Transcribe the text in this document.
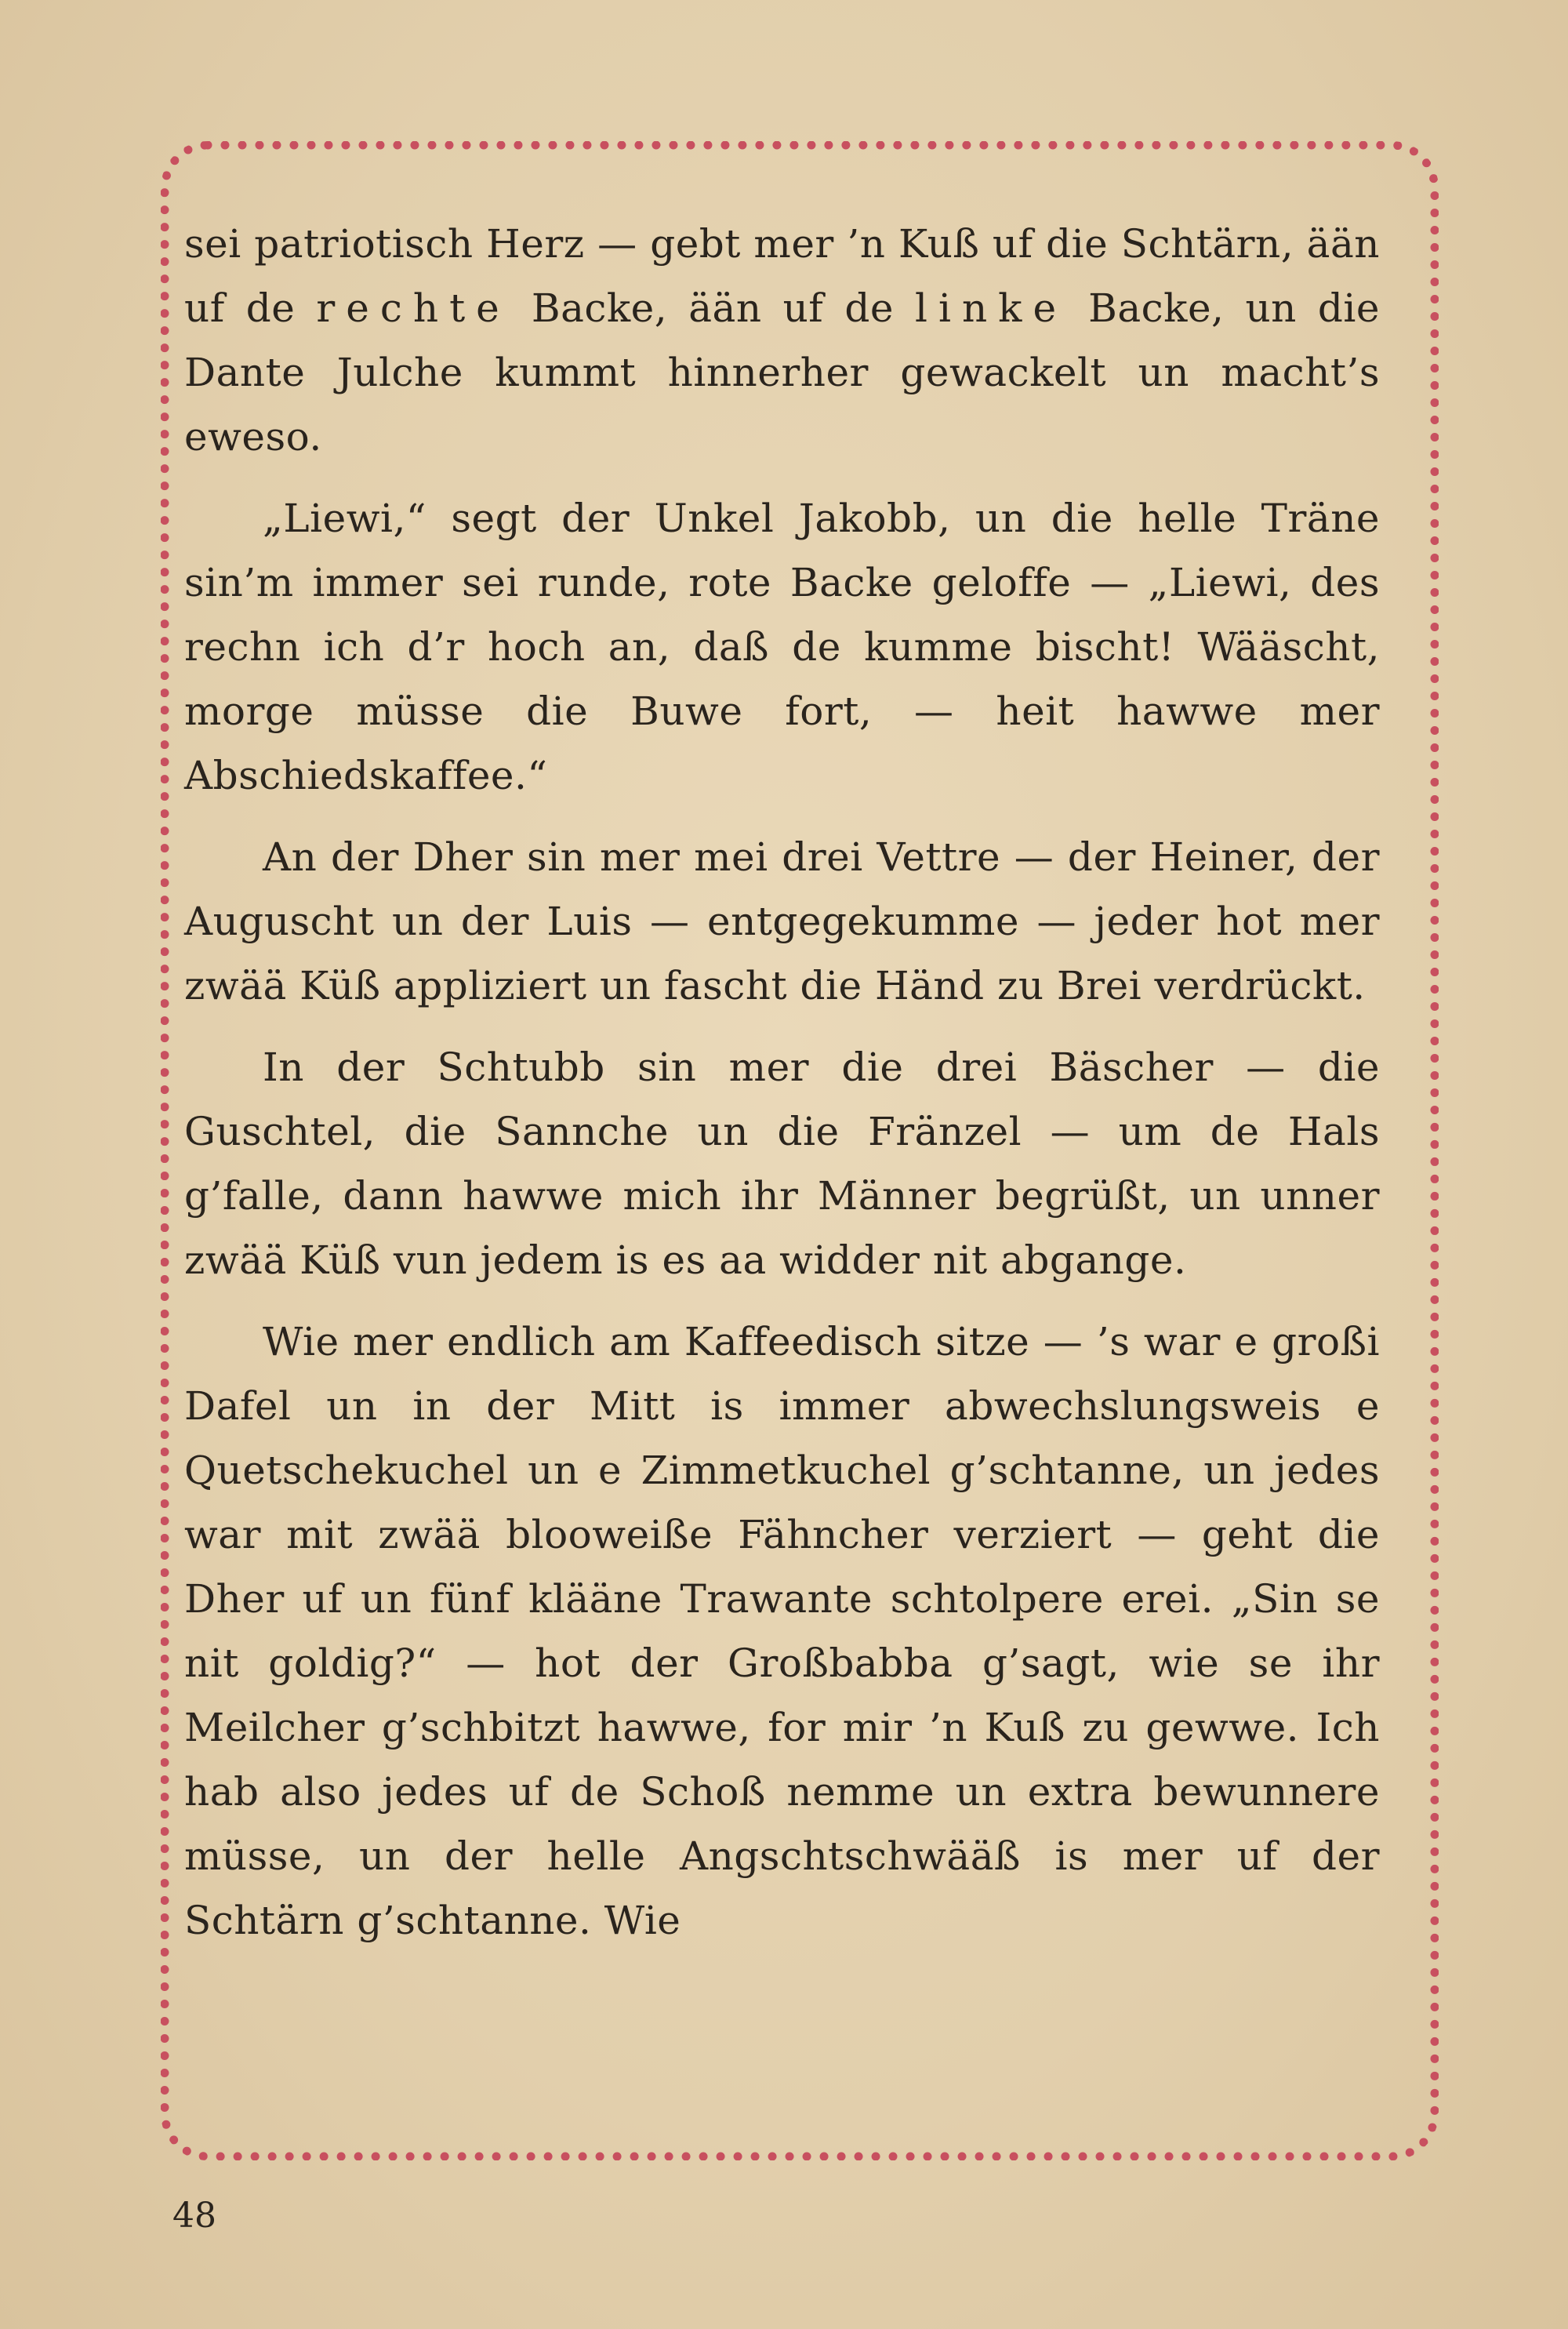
sei patriotisch Herz — gebt mer ’n Kuß uf die Schtärn, ään uf de rechte Backe, ään uf de linke Backe, un die Dante Julche kummt hinnerher gewackelt un macht’s eweso.

„Liewi,“ segt der Unkel Jakobb, un die helle Träne sin’m immer sei runde, rote Backe geloffe — „Liewi, des rechn ich d’r hoch an, daß de kumme bischt! Wääscht, morge müsse die Buwe fort, — heit hawwe mer Abschiedskaffee.“

An der Dher sin mer mei drei Vettre — der Heiner, der Auguscht un der Luis — entgegekumme — jeder hot mer zwää Küß appliziert un fascht die Händ zu Brei verdrückt.

In der Schtubb sin mer die drei Bäscher — die Guschtel, die Sannche un die Fränzel — um de Hals g’falle, dann hawwe mich ihr Männer begrüßt, un unner zwää Küß vun jedem is es aa widder nit abgange.

Wie mer endlich am Kaffeedisch sitze — ’s war e großi Dafel un in der Mitt is immer abwechslungsweis e Quetschekuchel un e Zimmetkuchel g’schtanne, un jedes war mit zwää blooweiße Fähncher verziert — geht die Dher uf un fünf klääne Trawante schtolpere erei. „Sin se nit goldig?“ — hot der Großbabba g’sagt, wie se ihr Meilcher g’schbitzt hawwe, for mir ’n Kuß zu gewwe. Ich hab also jedes uf de Schoß nemme un extra bewunnere müsse, un der helle Angschtschwääß is mer uf der Schtärn g’schtanne. Wie

48
